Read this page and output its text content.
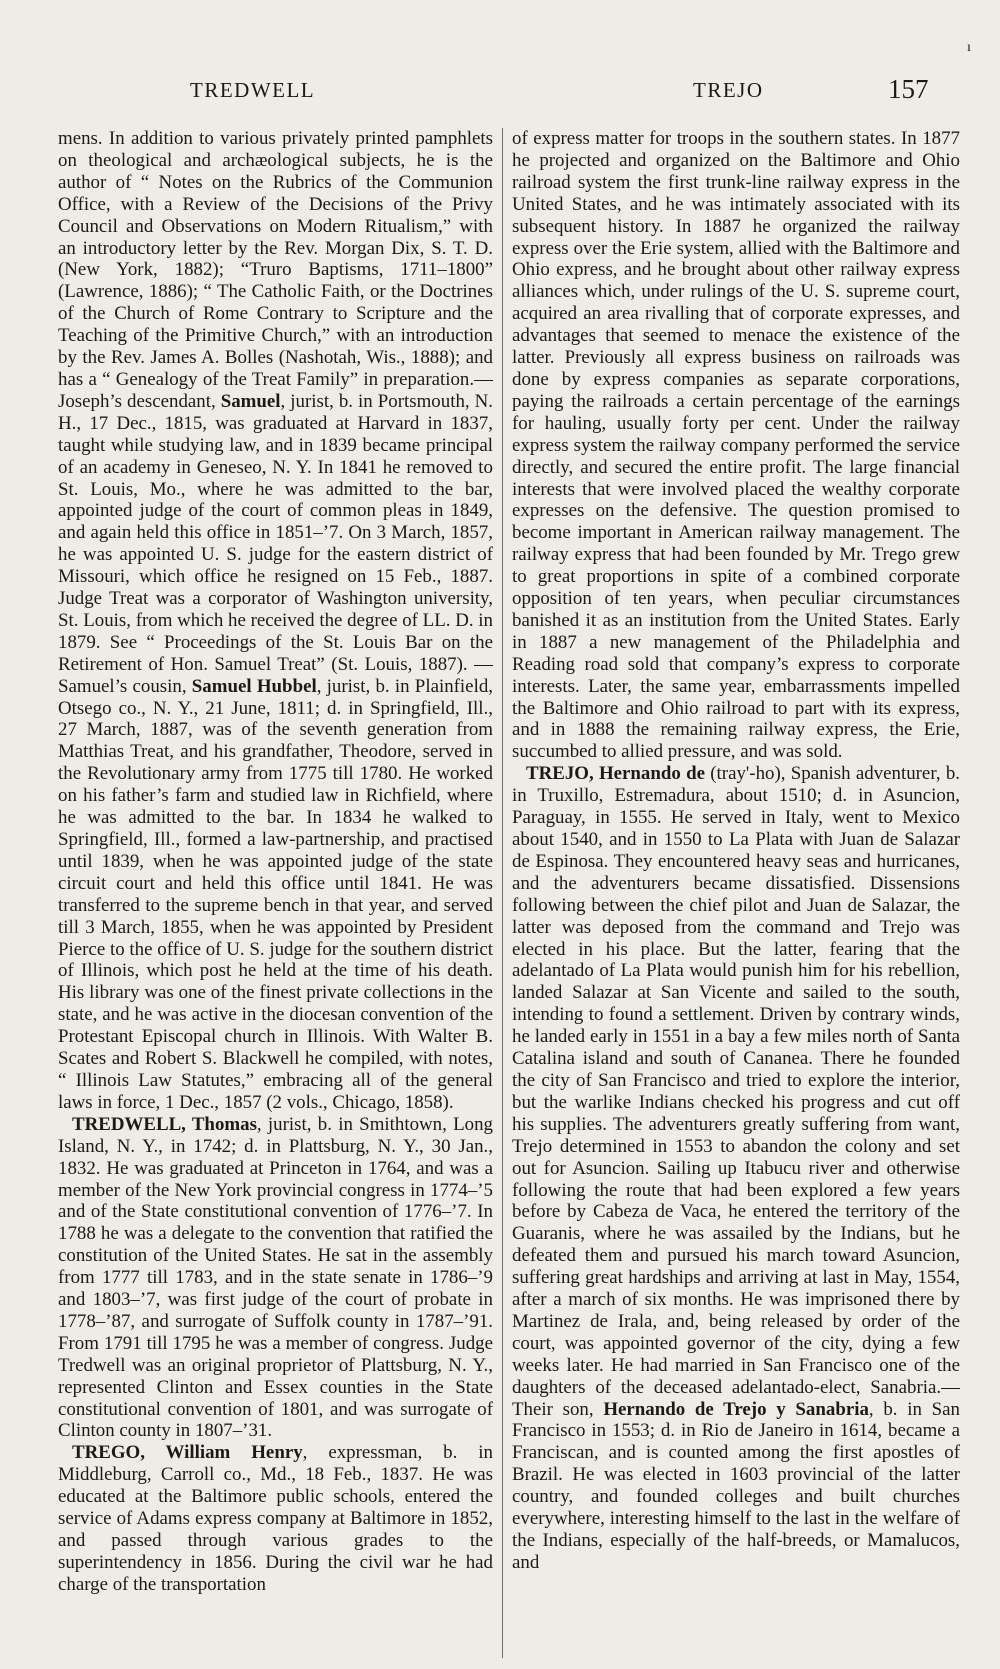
ı
TREDWELL	TREJO	157

mens. In addition to various privately printed pamphlets on theological and archæological subjects, he is the author of “ Notes on the Rubrics of the Communion Office, with a Review of the Decisions of the Privy Council and Observations on Modern Ritualism,” with an introductory letter by the Rev. Morgan Dix, S. T. D. (New York, 1882); “Truro Baptisms, 1711–1800” (Lawrence, 1886); “ The Catholic Faith, or the Doctrines of the Church of Rome Contrary to Scripture and the Teaching of the Primitive Church,” with an introduction by the Rev. James A. Bolles (Nashotah, Wis., 1888); and has a “ Genealogy of the Treat Family” in preparation.—Joseph’s descendant, Samuel, jurist, b. in Portsmouth, N. H., 17 Dec., 1815, was graduated at Harvard in 1837, taught while studying law, and in 1839 became principal of an academy in Geneseo, N. Y. In 1841 he removed to St. Louis, Mo., where he was admitted to the bar, appointed judge of the court of common pleas in 1849, and again held this office in 1851–’7. On 3 March, 1857, he was appointed U. S. judge for the eastern district of Missouri, which office he resigned on 15 Feb., 1887. Judge Treat was a corporator of Washington university, St. Louis, from which he received the degree of LL. D. in 1879. See “ Proceedings of the St. Louis Bar on the Retirement of Hon. Samuel Treat” (St. Louis, 1887). —Samuel’s cousin, Samuel Hubbel, jurist, b. in Plainfield, Otsego co., N. Y., 21 June, 1811; d. in Springfield, Ill., 27 March, 1887, was of the seventh generation from Matthias Treat, and his grandfather, Theodore, served in the Revolutionary army from 1775 till 1780. He worked on his father’s farm and studied law in Richfield, where he was admitted to the bar. In 1834 he walked to Springfield, Ill., formed a law-partnership, and practised until 1839, when he was appointed judge of the state circuit court and held this office until 1841. He was transferred to the supreme bench in that year, and served till 3 March, 1855, when he was appointed by President Pierce to the office of U. S. judge for the southern district of Illinois, which post he held at the time of his death. His library was one of the finest private collections in the state, and he was active in the diocesan convention of the Protestant Episcopal church in Illinois. With Walter B. Scates and Robert S. Blackwell he compiled, with notes, “ Illinois Law Statutes,” embracing all of the general laws in force, 1 Dec., 1857 (2 vols., Chicago, 1858).

TREDWELL, Thomas, jurist, b. in Smithtown, Long Island, N. Y., in 1742; d. in Plattsburg, N. Y., 30 Jan., 1832. He was graduated at Princeton in 1764, and was a member of the New York provincial congress in 1774–’5 and of the State constitutional convention of 1776–’7. In 1788 he was a delegate to the convention that ratified the constitution of the United States. He sat in the assembly from 1777 till 1783, and in the state senate in 1786–’9 and 1803–’7, was first judge of the court of probate in 1778–’87, and surrogate of Suffolk county in 1787–’91. From 1791 till 1795 he was a member of congress. Judge Tredwell was an original proprietor of Plattsburg, N. Y., represented Clinton and Essex counties in the State constitutional convention of 1801, and was surrogate of Clinton county in 1807–’31.

TREGO, William Henry, expressman, b. in Middleburg, Carroll co., Md., 18 Feb., 1837. He was educated at the Baltimore public schools, entered the service of Adams express company at Baltimore in 1852, and passed through various grades to the superintendency in 1856. During the civil war he had charge of the transportation

of express matter for troops in the southern states. In 1877 he projected and organized on the Baltimore and Ohio railroad system the first trunk-line railway express in the United States, and he was intimately associated with its subsequent history. In 1887 he organized the railway express over the Erie system, allied with the Baltimore and Ohio express, and he brought about other railway express alliances which, under rulings of the U. S. supreme court, acquired an area rivalling that of corporate expresses, and advantages that seemed to menace the existence of the latter. Previously all express business on railroads was done by express companies as separate corporations, paying the railroads a certain percentage of the earnings for hauling, usually forty per cent. Under the railway express system the railway company performed the service directly, and secured the entire profit. The large financial interests that were involved placed the wealthy corporate expresses on the defensive. The question promised to become important in American railway management. The railway express that had been founded by Mr. Trego grew to great proportions in spite of a combined corporate opposition of ten years, when peculiar circumstances banished it as an institution from the United States. Early in 1887 a new management of the Philadelphia and Reading road sold that company’s express to corporate interests. Later, the same year, embarrassments impelled the Baltimore and Ohio railroad to part with its express, and in 1888 the remaining railway express, the Erie, succumbed to allied pressure, and was sold.

TREJO, Hernando de (tray'-ho), Spanish adventurer, b. in Truxillo, Estremadura, about 1510; d. in Asuncion, Paraguay, in 1555. He served in Italy, went to Mexico about 1540, and in 1550 to La Plata with Juan de Salazar de Espinosa. They encountered heavy seas and hurricanes, and the adventurers became dissatisfied. Dissensions following between the chief pilot and Juan de Salazar, the latter was deposed from the command and Trejo was elected in his place. But the latter, fearing that the adelantado of La Plata would punish him for his rebellion, landed Salazar at San Vicente and sailed to the south, intending to found a settlement. Driven by contrary winds, he landed early in 1551 in a bay a few miles north of Santa Catalina island and south of Cananea. There he founded the city of San Francisco and tried to explore the interior, but the warlike Indians checked his progress and cut off his supplies. The adventurers greatly suffering from want, Trejo determined in 1553 to abandon the colony and set out for Asuncion. Sailing up Itabucu river and otherwise following the route that had been explored a few years before by Cabeza de Vaca, he entered the territory of the Guaranis, where he was assailed by the Indians, but he defeated them and pursued his march toward Asuncion, suffering great hardships and arriving at last in May, 1554, after a march of six months. He was imprisoned there by Martinez de Irala, and, being released by order of the court, was appointed governor of the city, dying a few weeks later. He had married in San Francisco one of the daughters of the deceased adelantado-elect, Sanabria.—Their son, Hernando de Trejo y Sanabria, b. in San Francisco in 1553; d. in Rio de Janeiro in 1614, became a Franciscan, and is counted among the first apostles of Brazil. He was elected in 1603 provincial of the latter country, and founded colleges and built churches everywhere, interesting himself to the last in the welfare of the Indians, especially of the half-breeds, or Mamalucos, and
